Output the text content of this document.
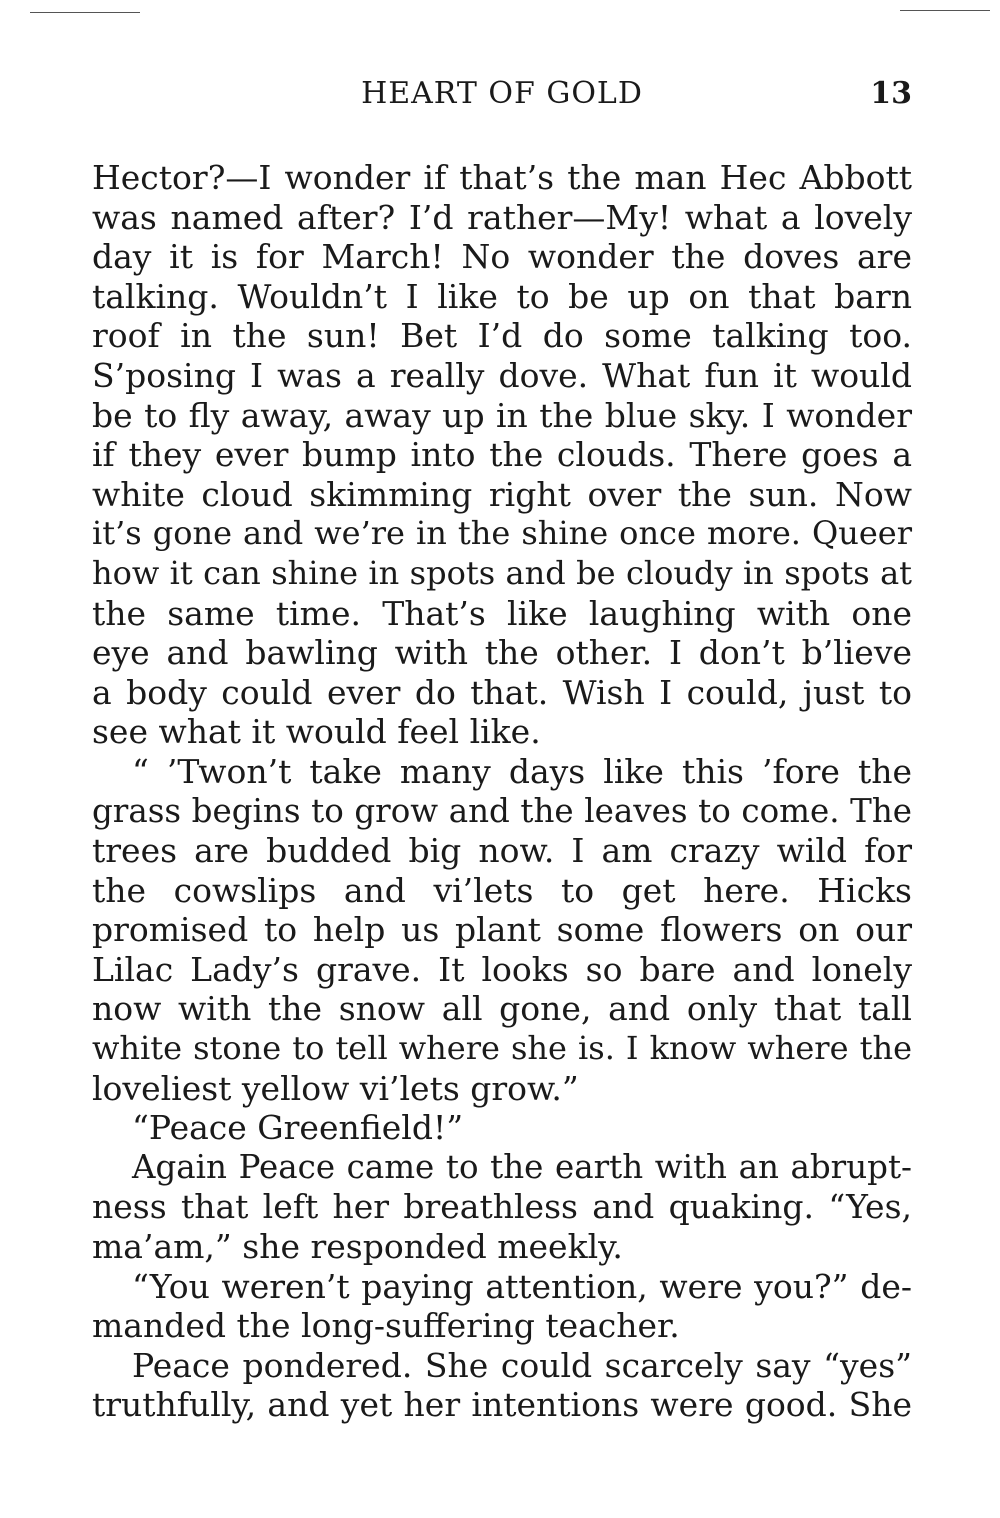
HEART OF GOLD	13
Hector?—I wonder if that’s the man Hec Abbott
was named after? I’d rather—My! what a lovely
day it is for March! No wonder the doves are
talking. Wouldn’t I like to be up on that barn
roof in the sun! Bet I’d do some talking too.
S’posing I was a really dove. What fun it would
be to fly away, away up in the blue sky. I wonder
if they ever bump into the clouds. There goes a
white cloud skimming right over the sun. Now
it’s gone and we’re in the shine once more. Queer
how it can shine in spots and be cloudy in spots at
the same time. That’s like laughing with one
eye and bawling with the other. I don’t b’lieve
a body could ever do that. Wish I could, just to
see what it would feel like.
“ ’Twon’t take many days like this ’fore the
grass begins to grow and the leaves to come. The
trees are budded big now. I am crazy wild for
the cowslips and vi’lets to get here. Hicks
promised to help us plant some flowers on our
Lilac Lady’s grave. It looks so bare and lonely
now with the snow all gone, and only that tall
white stone to tell where she is. I know where the
loveliest yellow vi’lets grow.”
“Peace Greenfield!”
Again Peace came to the earth with an abrupt-
ness that left her breathless and quaking. “Yes,
ma’am,” she responded meekly.
“You weren’t paying attention, were you?” de-
manded the long-suffering teacher.
Peace pondered. She could scarcely say “yes”
truthfully, and yet her intentions were good. She
